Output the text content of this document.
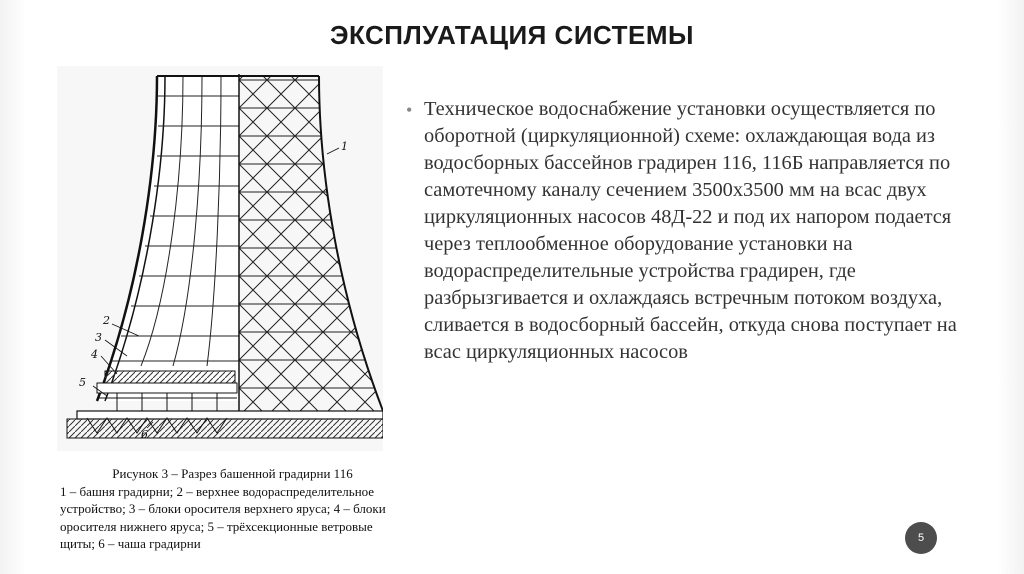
ЭКСПЛУАТАЦИЯ СИСТЕМЫ
1
2
3
4
5
6
Рисунок 3 – Разрез башенной градирни 116
1 – башня градирни; 2 – верхнее водораспределительное устройство; 3 – блоки оросителя верхнего яруса; 4 – блоки оросителя нижнего яруса; 5 – трёхсекционные ветровые щиты; 6 – чаша градирни
• Техническое водоснабжение установки осуществляется по оборотной (циркуляционной) схеме: охлаждающая вода из водосборных бассейнов градирен 116, 116Б направляется по самотечному каналу сечением 3500х3500 мм на всас двух циркуляционных насосов 48Д-22 и под их напором подается через теплообменное оборудование установки на водораспределительные устройства градирен, где разбрызгивается и охлаждаясь встречным потоком воздуха, сливается в водосборный бассейн, откуда снова поступает на всас циркуляционных насосов
5
